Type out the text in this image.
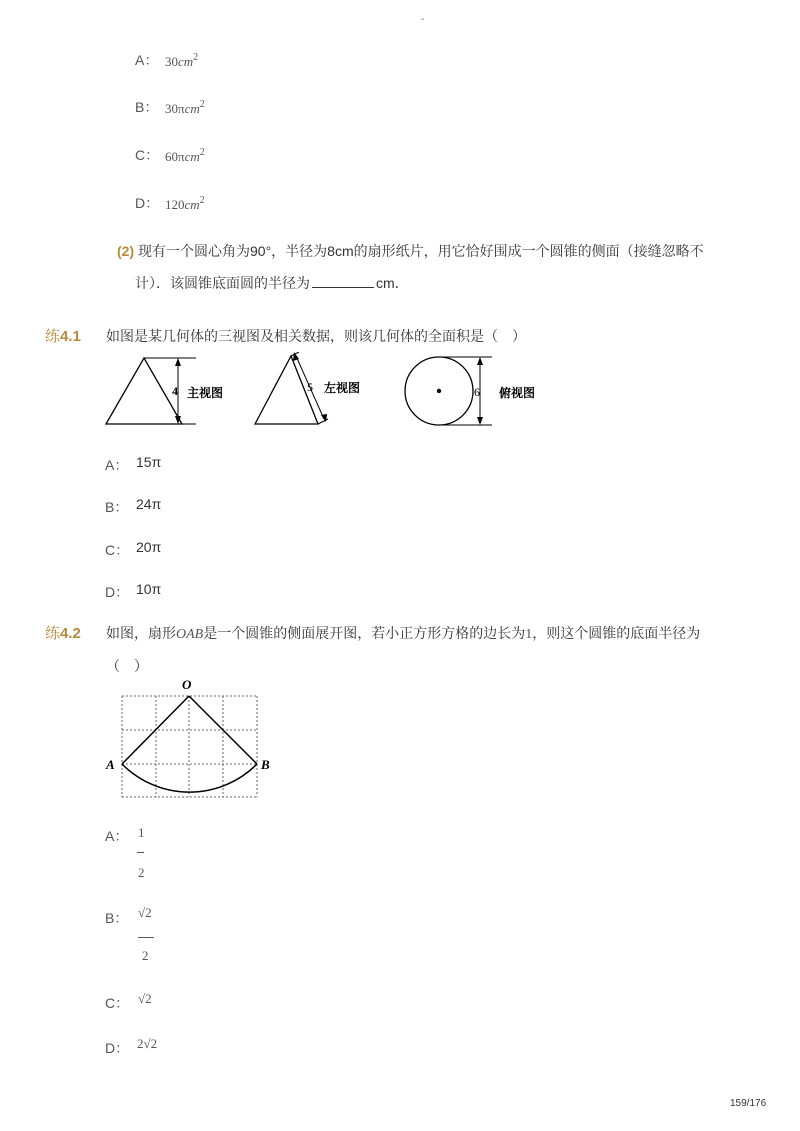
-
A： $30cm^2$
B： 30πcm$^2$
C： 60πcm$^2$
D： $120cm^2$
(2) 现有一个圆心角为90°，半径为8cm的扇形纸片，用它恰好围成一个圆锥的侧面（接缝忽略不
计）．该圆锥底面圆的半径为	cm．
练4.1 如图是某几何体的三视图及相关数据，则该几何体的全面积是（　）
4 主视图	5 左视图	6 俯视图
A： 15π
B： 24π
C： 20π
D： 10π
练4.2 如图，扇形OAB是一个圆锥的侧面展开图，若小正方形方格的边长为1，则这个圆锥的底面半径为
（　）
O
A	B
A： 1
2
B： √2
2
C： √2
D： 2√2
159/176
